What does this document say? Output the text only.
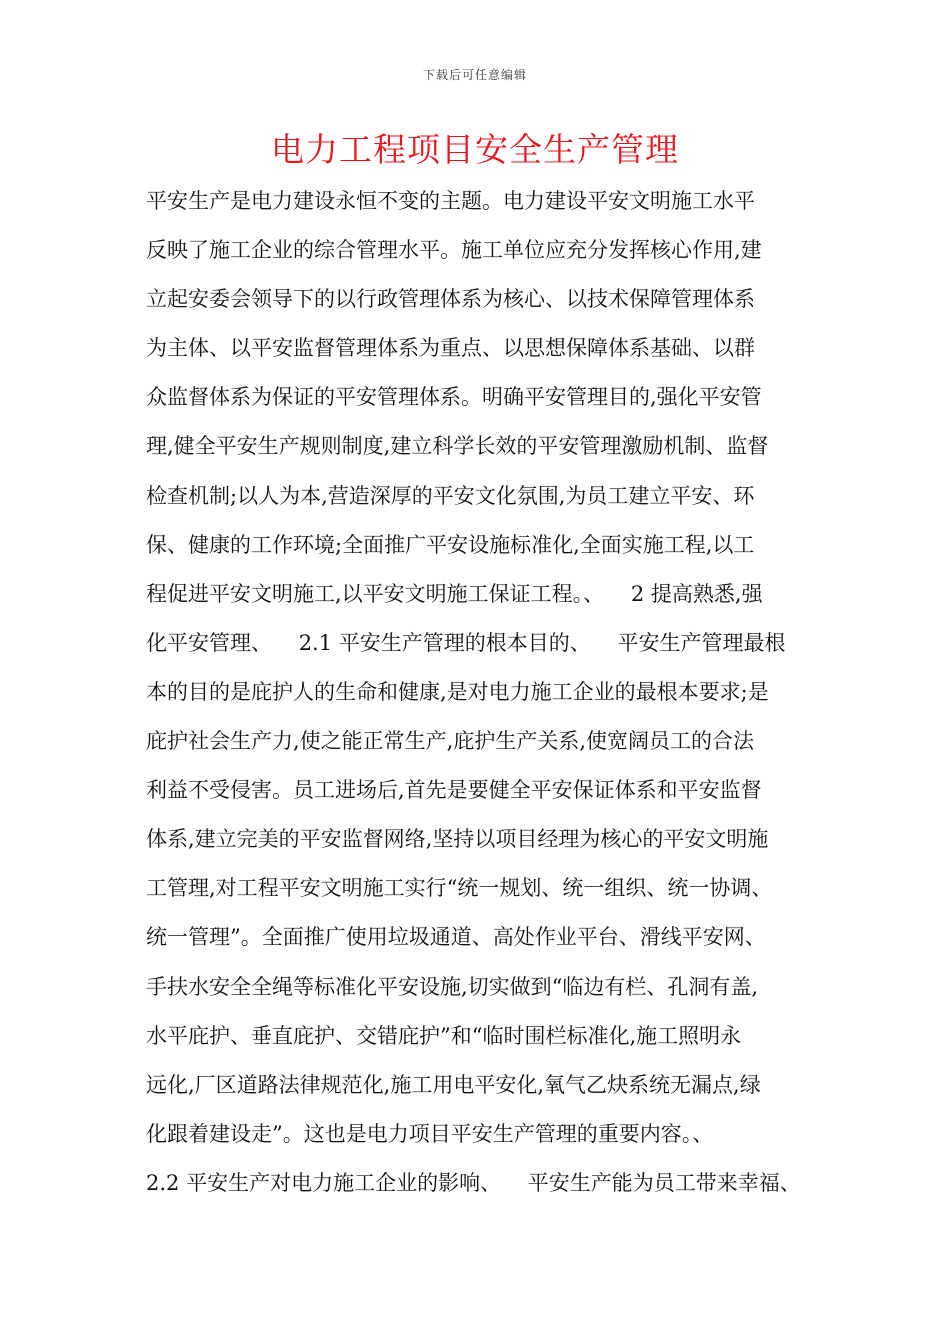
下载后可任意编辑
电力工程项目安全生产管理
平安生产是电力建设永恒不变的主题。电力建设平安文明施工水平
反映了施工企业的综合管理水平。施工单位应充分发挥核心作用,建
立起安委会领导下的以行政管理体系为核心、以技术保障管理体系
为主体、以平安监督管理体系为重点、以思想保障体系基础、以群
众监督体系为保证的平安管理体系。明确平安管理目的,强化平安管
理,健全平安生产规则制度,建立科学长效的平安管理激励机制、监督
检查机制;以人为本,营造深厚的平安文化氛围,为员工建立平安、环
保、健康的工作环境;全面推广平安设施标准化,全面实施工程,以工
程促进平安文明施工,以平安文明施工保证工程。、    2 提高熟悉,强
化平安管理、    2.1 平安生产管理的根本目的、    平安生产管理最根
本的目的是庇护人的生命和健康,是对电力施工企业的最根本要求;是
庇护社会生产力,使之能正常生产,庇护生产关系,使宽阔员工的合法
利益不受侵害。员工进场后,首先是要健全平安保证体系和平安监督
体系,建立完美的平安监督网络,坚持以项目经理为核心的平安文明施
工管理,对工程平安文明施工实行“统一规划、统一组织、统一协调、
统一管理”。全面推广使用垃圾通道、高处作业平台、滑线平安网、
手扶水安全全绳等标准化平安设施,切实做到“临边有栏、孔洞有盖,
水平庇护、垂直庇护、交错庇护”和“临时围栏标准化,施工照明永
远化,厂区道路法律规范化,施工用电平安化,氧气乙炔系统无漏点,绿
化跟着建设走”。这也是电力项目平安生产管理的重要内容。、
2.2 平安生产对电力施工企业的影响、    平安生产能为员工带来幸福、
